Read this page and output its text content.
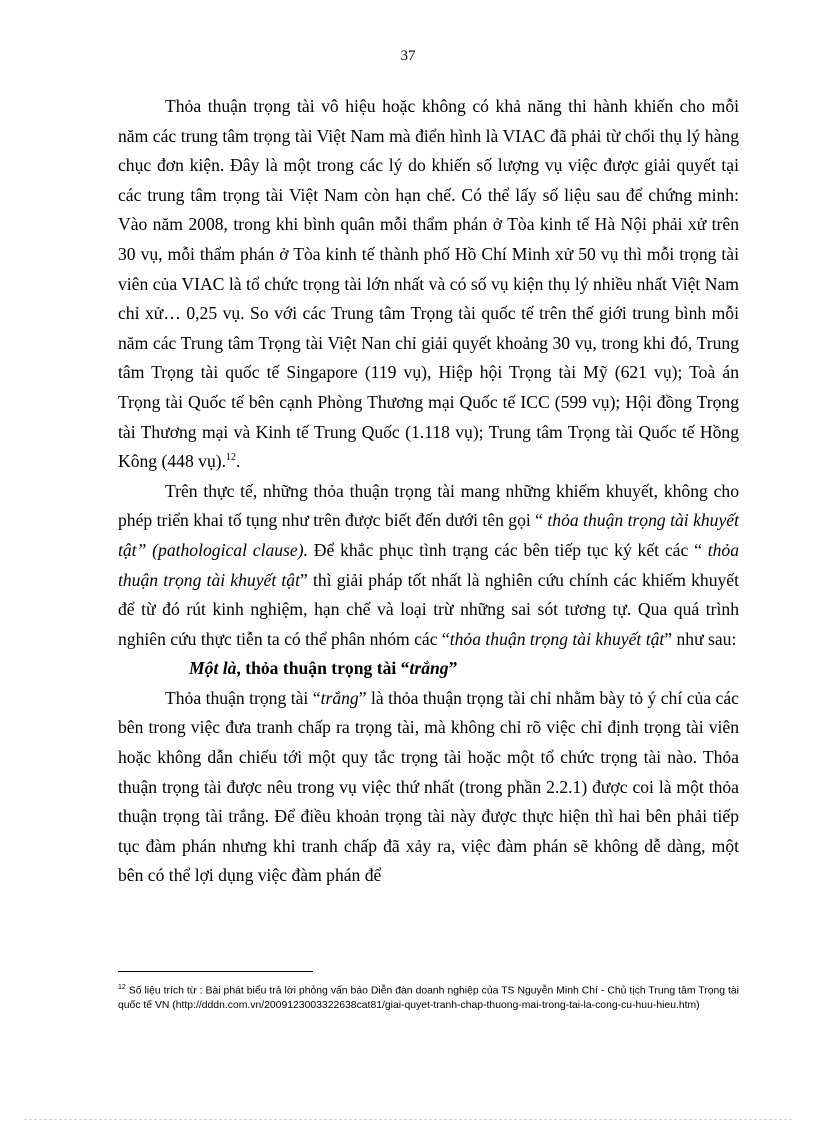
37

Thỏa thuận trọng tài vô hiệu hoặc không có khả năng thi hành khiến cho mỗi năm các trung tâm trọng tài Việt Nam mà điển hình là VIAC đã phải từ chối thụ lý hàng chục đơn kiện. Đây là một trong các lý do khiến số lượng vụ việc được giải quyết tại các trung tâm trọng tài Việt Nam còn hạn chế. Có thể lấy số liệu sau để chứng minh: Vào năm 2008, trong khi bình quân mỗi thẩm phán ở Tòa kinh tế Hà Nội phải xử trên 30 vụ, mỗi thẩm phán ở Tòa kinh tế thành phố Hồ Chí Minh xử 50 vụ thì mỗi trọng tài viên của VIAC là tổ chức trọng tài lớn nhất và có số vụ kiện thụ lý nhiều nhất Việt Nam chỉ xử… 0,25 vụ. So với các Trung tâm Trọng tài quốc tế trên thế giới trung bình mỗi năm các Trung tâm Trọng tài Việt Nan chỉ giải quyết khoảng 30 vụ, trong khi đó, Trung tâm Trọng tài quốc tế Singapore (119 vụ), Hiệp hội Trọng tài Mỹ (621 vụ); Toà án Trọng tài Quốc tế bên cạnh Phòng Thương mại Quốc tế ICC (599 vụ); Hội đồng Trọng tài Thương mại và Kinh tế Trung Quốc (1.118 vụ); Trung tâm Trọng tài Quốc tế Hồng Kông (448 vụ).$^{12}$.

Trên thực tế, những thỏa thuận trọng tài mang những khiếm khuyết, không cho phép triển khai tố tụng như trên được biết đến dưới tên gọi “ thỏa thuận trọng tài khuyết tật” (pathological clause). Để khắc phục tình trạng các bên tiếp tục ký kết các “ thỏa thuận trọng tài khuyết tật” thì giải pháp tốt nhất là nghiên cứu chính các khiếm khuyết để từ đó rút kinh nghiệm, hạn chế và loại trừ những sai sót tương tự. Qua quá trình nghiên cứu thực tiễn ta có thể phân nhóm các “thỏa thuận trọng tài khuyết tật” như sau:

Một là, thỏa thuận trọng tài “trắng”

Thỏa thuận trọng tài “trắng” là thỏa thuận trọng tài chỉ nhằm bày tỏ ý chí của các bên trong việc đưa tranh chấp ra trọng tài, mà không chỉ rõ việc chỉ định trọng tài viên hoặc không dẫn chiếu tới một quy tắc trọng tài hoặc một tổ chức trọng tài nào. Thỏa thuận trọng tài được nêu trong vụ việc thứ nhất (trong phần 2.2.1) được coi là một thỏa thuận trọng tài trắng. Để điều khoản trọng tài này được thực hiện thì hai bên phải tiếp tục đàm phán nhưng khi tranh chấp đã xảy ra, việc đàm phán sẽ không dễ dàng, một bên có thể lợi dụng việc đàm phán để

$^{12}$ Số liệu trích từ : Bài phát biểu trả lời phỏng vấn báo Diễn đàn doanh nghiệp của TS Nguyễn Minh Chí - Chủ tịch Trung tâm Trọng tài quốc tế VN (http://dddn.com.vn/2009123003322638cat81/giai-quyet-tranh-chap-thuong-mai-trong-tai-la-cong-cu-huu-hieu.htm)
